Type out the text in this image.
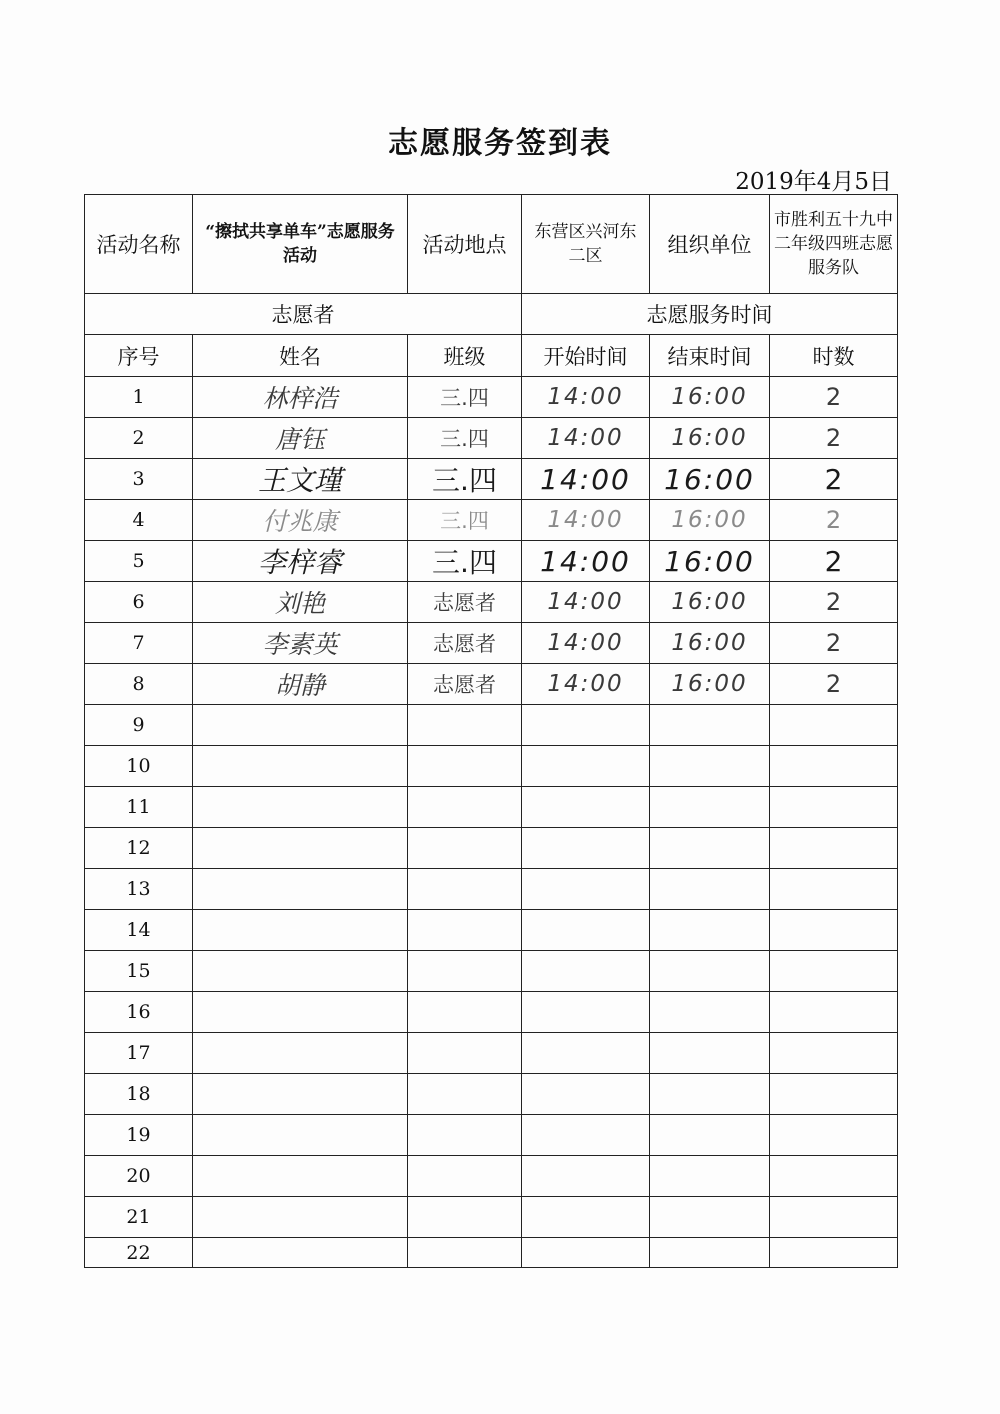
志愿服务签到表
2019年4月5日
活动名称	“擦拭共享单车”志愿服务活动	活动地点	东营区兴河东二区	组织单位	市胜利五十九中二年级四班志愿服务队
志愿者			志愿服务时间		
序号	姓名	班级	开始时间	结束时间	时数
1	林梓浩	三.四	14:00	16:00	2
2	唐钰	三.四	14:00	16:00	2
3	王文瑾	三.四	14:00	16:00	2
4	付兆康	三.四	14:00	16:00	2
5	李梓睿	三.四	14:00	16:00	2
6	刘艳	志愿者	14:00	16:00	2
7	李素英	志愿者	14:00	16:00	2
8	胡静	志愿者	14:00	16:00	2
9					
10					
11					
12					
13					
14					
15					
16					
17					
18					
19					
20					
21					
22					
